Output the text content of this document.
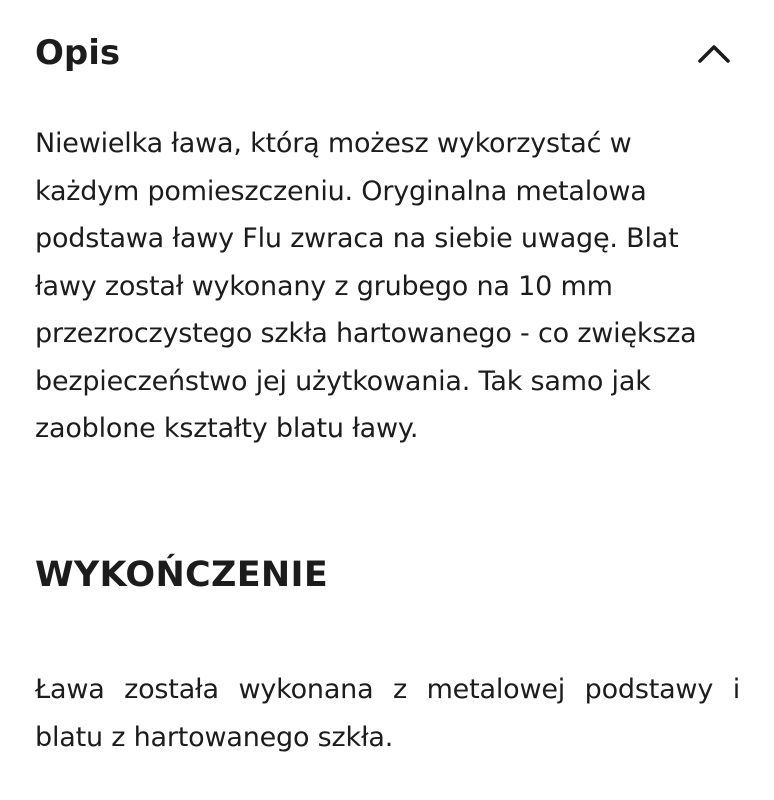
Opis

Niewielka ława, którą możesz wykorzystać w
każdym pomieszczeniu. Oryginalna metalowa
podstawa ławy Flu zwraca na siebie uwagę. Blat
ławy został wykonany z grubego na 10 mm
przezroczystego szkła hartowanego - co zwiększa
bezpieczeństwo jej użytkowania. Tak samo jak
zaoblone kształty blatu ławy.

WYKOŃCZENIE

Ława została wykonana z metalowej podstawy i blatu z hartowanego szkła.
